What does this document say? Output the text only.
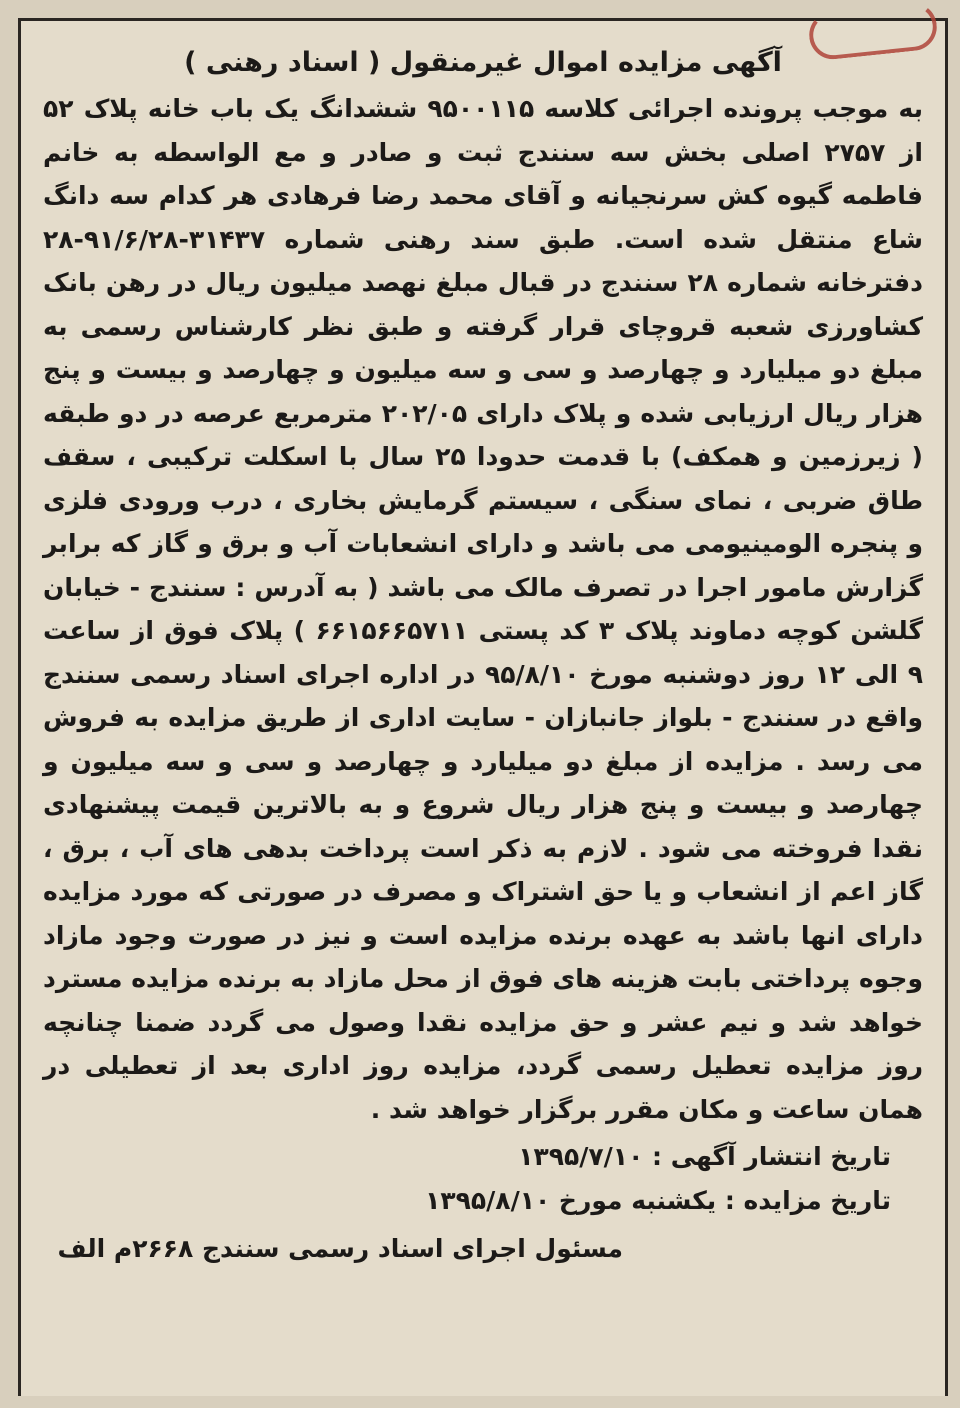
آگهی مزایده اموال غیرمنقول ( اسناد رهنی )

به موجب پرونده اجرائی کلاسه ۹۵۰۰۱۱۵ ششدانگ یک باب خانه پلاک ۵۲ از ۲۷۵۷ اصلی بخش سه سنندج ثبت و صادر و مع الواسطه به خانم فاطمه گیوه کش سرنجیانه و آقای محمد رضا فرهادی هر کدام سه دانگ شاع منتقل شده است. طبق سند رهنی شماره ۳۱۴۳۷-۹۱/۶/۲۸-۲۸ دفترخانه شماره ۲۸ سنندج در قبال مبلغ نهصد میلیون ریال در رهن بانک کشاورزی شعبه قروچای قرار گرفته و طبق نظر کارشناس رسمی به مبلغ دو میلیارد و چهارصد و سی و سه میلیون و چهارصد و بیست و پنج هزار ریال ارزیابی شده و پلاک دارای ۲۰۲/۰۵ مترمربع عرصه در دو طبقه ( زیرزمین و همکف) با قدمت حدودا ۲۵ سال با اسکلت ترکیبی ، سقف طاق ضربی ، نمای سنگی ، سیستم گرمایش بخاری ، درب ورودی فلزی و پنجره الومینیومی می باشد و دارای انشعابات آب و برق و گاز که برابر گزارش مامور اجرا در تصرف مالک می باشد ( به آدرس : سنندج - خیابان گلشن کوچه دماوند پلاک ۳ کد پستی ۶۶۱۵۶۶۵۷۱۱ ) پلاک فوق از ساعت ۹ الی ۱۲ روز دوشنبه مورخ ۹۵/۸/۱۰ در اداره اجرای اسناد رسمی سنندج واقع در سنندج - بلواز جانبازان - سایت اداری از طریق مزایده به فروش می رسد . مزایده از مبلغ دو میلیارد و چهارصد و سی و سه میلیون و چهارصد و بیست و پنج هزار ریال شروع و به بالاترین قیمت پیشنهادی نقدا فروخته می شود . لازم به ذکر است پرداخت بدهی های آب ، برق ، گاز اعم از انشعاب و یا حق اشتراک و مصرف در صورتی که مورد مزایده دارای انها باشد به عهده برنده مزایده است و نیز در صورت وجود مازاد وجوه پرداختی بابت هزینه های فوق از محل مازاد به برنده مزایده مسترد خواهد شد و نیم عشر و حق مزایده نقدا وصول می گردد ضمنا چنانچه روز مزایده تعطیل رسمی گردد، مزایده روز اداری بعد از تعطیلی در همان ساعت و مکان مقرر برگزار خواهد شد .

تاریخ انتشار آگهی : ۱۳۹۵/۷/۱۰
تاریخ مزایده : یکشنبه مورخ ۱۳۹۵/۸/۱۰
مسئول اجرای اسناد رسمی سنندج ۲۶۶۸م الف
